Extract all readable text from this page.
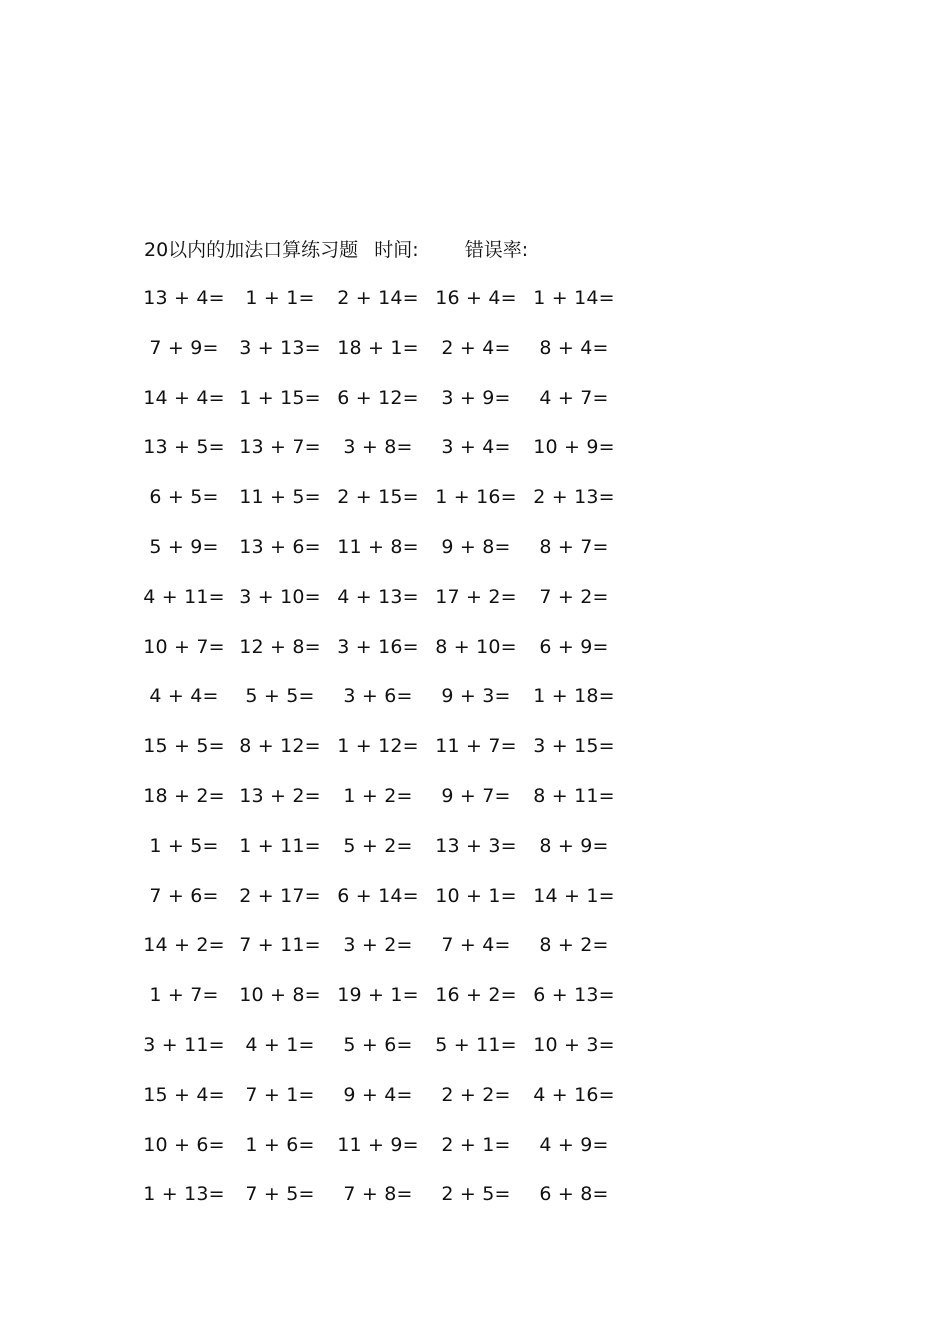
20以内的加法口算练习题 时间: 错误率:
13 + 4=	1 + 1=	2 + 14= 16 + 4= 1 + 14=
7 + 9=	3 + 13= 18 + 1=	2 + 4=	8 + 4=
14 + 4= 1 + 15= 6 + 12=	3 + 9=	4 + 7=
13 + 5= 13 + 7=	3 + 8=	3 + 4=	10 + 9=
6 + 5=	11 + 5= 2 + 15= 1 + 16= 2 + 13=
5 + 9=	13 + 6= 11 + 8=	9 + 8=	8 + 7=
4 + 11= 3 + 10= 4 + 13= 17 + 2=	7 + 2=
10 + 7= 12 + 8= 3 + 16= 8 + 10=	6 + 9=
4 + 4=	5 + 5=	3 + 6=	9 + 3=	1 + 18=
15 + 5= 8 + 12= 1 + 12= 11 + 7= 3 + 15=
18 + 2= 13 + 2=	1 + 2=	9 + 7=	8 + 11=
1 + 5=	1 + 11=	5 + 2=	13 + 3=	8 + 9=
7 + 6=	2 + 17= 6 + 14= 10 + 1= 14 + 1=
14 + 2= 7 + 11=	3 + 2=	7 + 4=	8 + 2=
1 + 7=	10 + 8= 19 + 1= 16 + 2= 6 + 13=
3 + 11=	4 + 1=	5 + 6=	5 + 11= 10 + 3=
15 + 4=	7 + 1=	9 + 4=	2 + 2=	4 + 16=
10 + 6=	1 + 6=	11 + 9=	2 + 1=	4 + 9=
1 + 13=	7 + 5=	7 + 8=	2 + 5=	6 + 8=
